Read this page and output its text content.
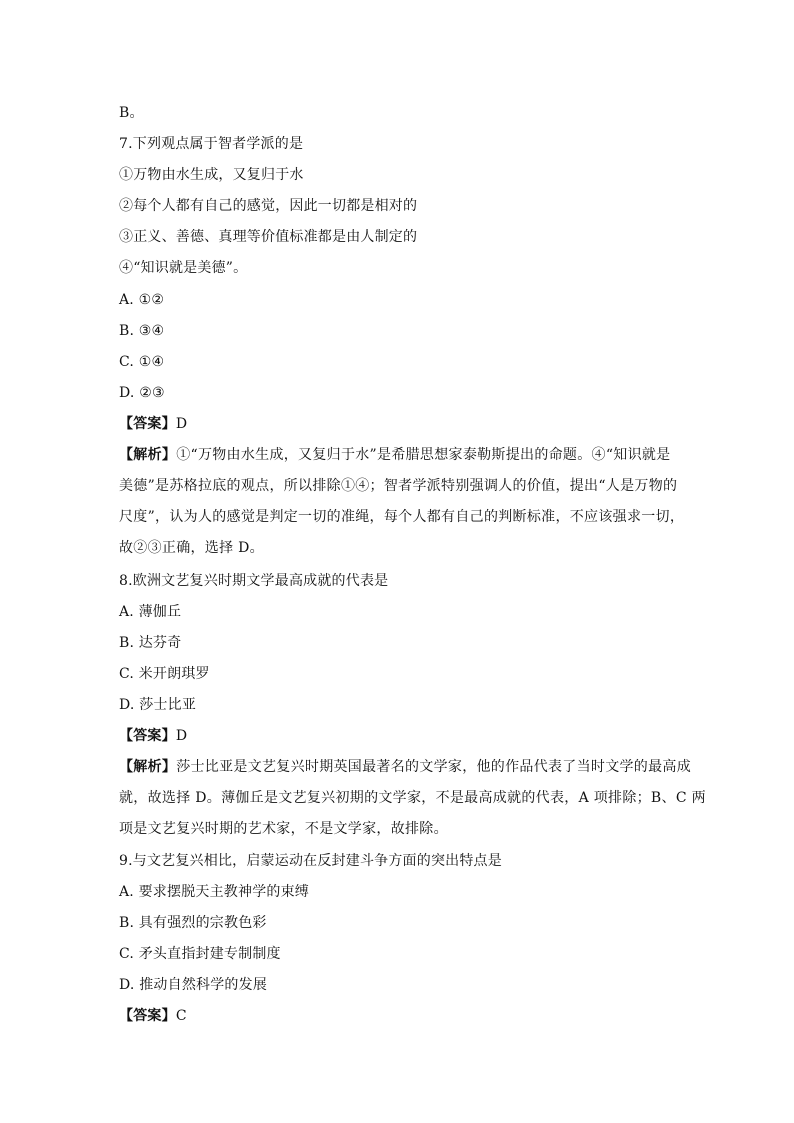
B。
7.下列观点属于智者学派的是
①万物由水生成，又复归于水
②每个人都有自己的感觉，因此一切都是相对的
③正义、善德、真理等价值标准都是由人制定的
④“知识就是美德”。
A. ①②
B. ③④
C. ①④
D. ②③
【答案】D
【解析】①“万物由水生成，又复归于水”是希腊思想家泰勒斯提出的命题。④“知识就是
美德”是苏格拉底的观点，所以排除①④；智者学派特别强调人的价值，提出“人是万物的
尺度”，认为人的感觉是判定一切的准绳，每个人都有自己的判断标准，不应该强求一切，
故②③正确，选择 D。
8.欧洲文艺复兴时期文学最高成就的代表是
A. 薄伽丘
B. 达芬奇
C. 米开朗琪罗
D. 莎士比亚
【答案】D
【解析】莎士比亚是文艺复兴时期英国最著名的文学家，他的作品代表了当时文学的最高成
就，故选择 D。薄伽丘是文艺复兴初期的文学家，不是最高成就的代表，A 项排除；B、C 两
项是文艺复兴时期的艺术家，不是文学家，故排除。
9.与文艺复兴相比，启蒙运动在反封建斗争方面的突出特点是
A. 要求摆脱天主教神学的束缚
B. 具有强烈的宗教色彩
C. 矛头直指封建专制制度
D. 推动自然科学的发展
【答案】C
